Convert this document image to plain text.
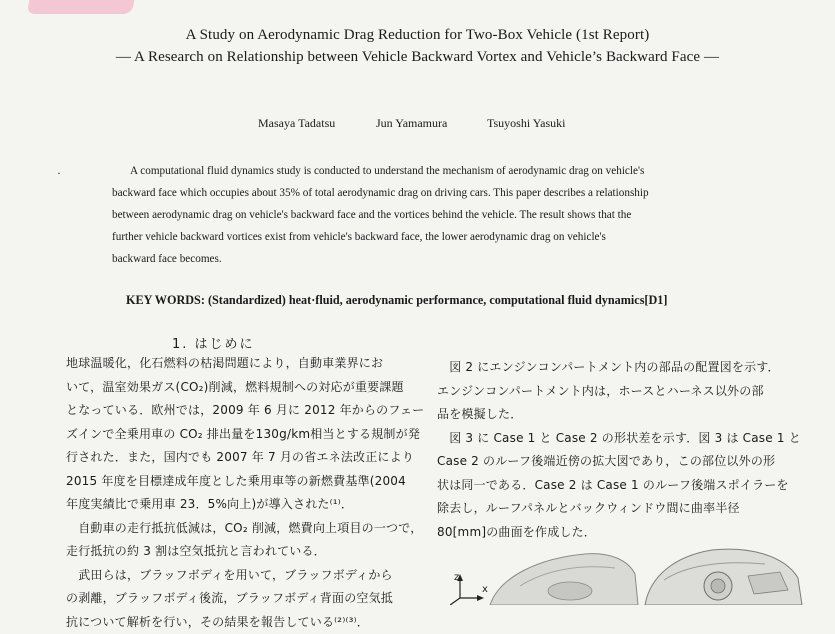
A Study on Aerodynamic Drag Reduction for Two-Box Vehicle (1st Report)
— A Research on Relationship between Vehicle Backward Vortex and Vehicle’s Backward Face —
Masaya Tadatsu	Jun Yamamura	Tsuyoshi Yasuki
·	A computational fluid dynamics study is conducted to understand the mechanism of aerodynamic drag on vehicle's
backward face which occupies about 35% of total aerodynamic drag on driving cars. This paper describes a relationship
between aerodynamic drag on vehicle's backward face and the vortices behind the vehicle. The result shows that the
further vehicle backward vortices exist from vehicle's backward face, the lower aerodynamic drag on vehicle's
backward face becomes.
KEY WORDS: (Standardized) heat·fluid, aerodynamic performance, computational fluid dynamics[D1]
1. はじめに
地球温暖化，化石燃料の枯渇問題により，自動車業界にお
いて，温室効果ガス(CO₂)削減，燃料規制への対応が重要課題
となっている．欧州では，2009 年 6 月に 2012 年からのフェー
ズインで全乗用車の CO₂ 排出量を130g/km相当とする規制が発
行された．また，国内でも 2007 年 7 月の省エネ法改正により
2015 年度を目標達成年度とした乗用車等の新燃費基準(2004
年度実績比で乗用車 23．5%向上)が導入された⁽¹⁾．
　自動車の走行抵抗低減は，CO₂ 削減，燃費向上項目の一つで，
走行抵抗の約 3 割は空気抵抗と言われている．
　武田らは，ブラッフボディを用いて，ブラッフボディから
の剥離，ブラッフボディ後流，ブラッフボディ背面の空気抵
抗について解析を行い，その結果を報告している⁽²⁾⁽³⁾．
　図 2 にエンジンコンパートメント内の部品の配置図を示す．
エンジンコンパートメント内は，ホースとハーネス以外の部
品を模擬した．
　図 3 に Case 1 と Case 2 の形状差を示す．図 3 は Case 1 と
Case 2 のルーフ後端近傍の拡大図であり，この部位以外の形
状は同一である．Case 2 は Case 1 のルーフ後端スポイラーを
除去し，ルーフパネルとバックウィンドウ間に曲率半径
80[mm]の曲面を作成した．
z
x
